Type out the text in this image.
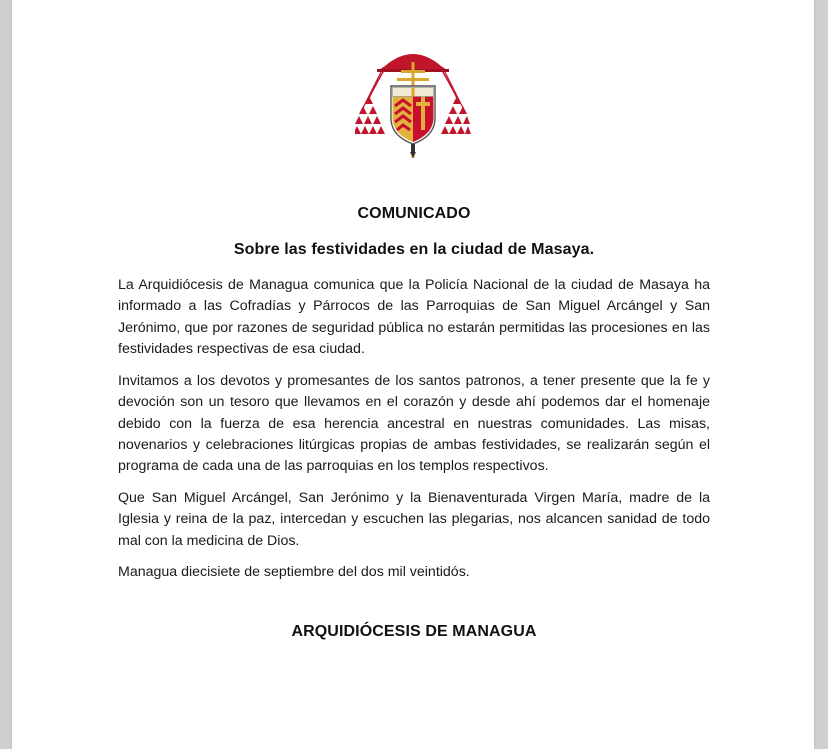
COMUNICADO
Sobre las festividades en la ciudad de Masaya.

La Arquidiócesis de Managua comunica que la Policía Nacional de la ciudad de Masaya ha informado a las Cofradías y Párrocos de las Parroquias de San Miguel Arcángel y San Jerónimo, que por razones de seguridad pública no estarán permitidas las procesiones en las festividades respectivas de esa ciudad.

Invitamos a los devotos y promesantes de los santos patronos, a tener presente que la fe y devoción son un tesoro que llevamos en el corazón y desde ahí podemos dar el homenaje debido con la fuerza de esa herencia ancestral en nuestras comunidades. Las misas, novenarios y celebraciones litúrgicas propias de ambas festividades, se realizarán según el programa de cada una de las parroquias en los templos respectivos.

Que San Miguel Arcángel, San Jerónimo y la Bienaventurada Virgen María, madre de la Iglesia y reina de la paz, intercedan y escuchen las plegarias, nos alcancen sanidad de todo mal con la medicina de Dios.

Managua diecisiete de septiembre del dos mil veintidós.

ARQUIDIÓCESIS DE MANAGUA
